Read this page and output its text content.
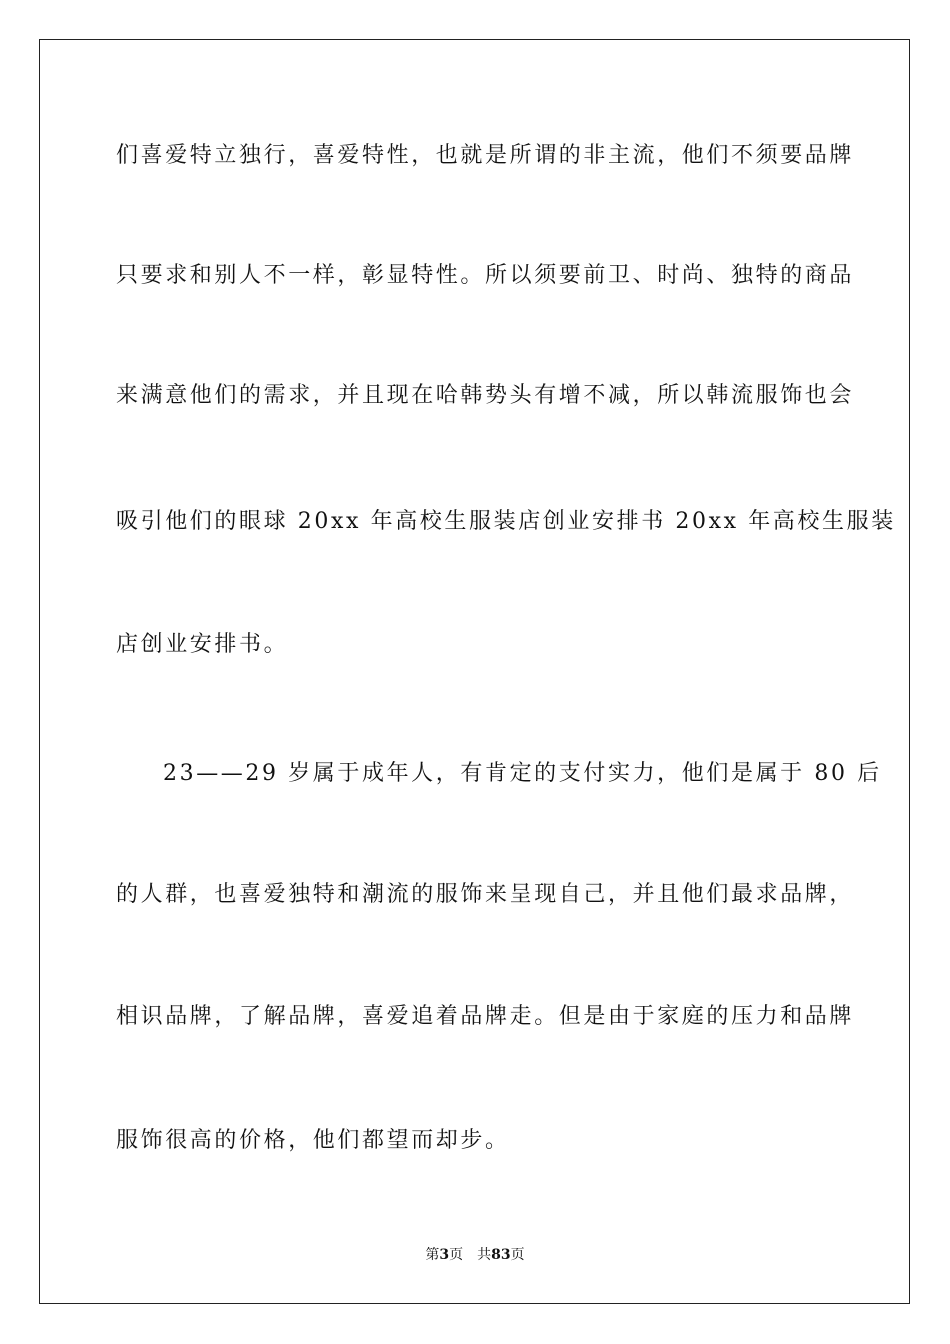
们喜爱特立独行，喜爱特性，也就是所谓的非主流，他们不须要品牌
只要求和别人不一样，彰显特性。所以须要前卫、时尚、独特的商品
来满意他们的需求，并且现在哈韩势头有增不减，所以韩流服饰也会
吸引他们的眼球 20xx 年高校生服装店创业安排书 20xx 年高校生服装
店创业安排书。
23——29 岁属于成年人，有肯定的支付实力，他们是属于 80 后
的人群，也喜爱独特和潮流的服饰来呈现自己，并且他们最求品牌，
相识品牌，了解品牌，喜爱追着品牌走。但是由于家庭的压力和品牌
服饰很高的价格，他们都望而却步。
第3页 共83页
